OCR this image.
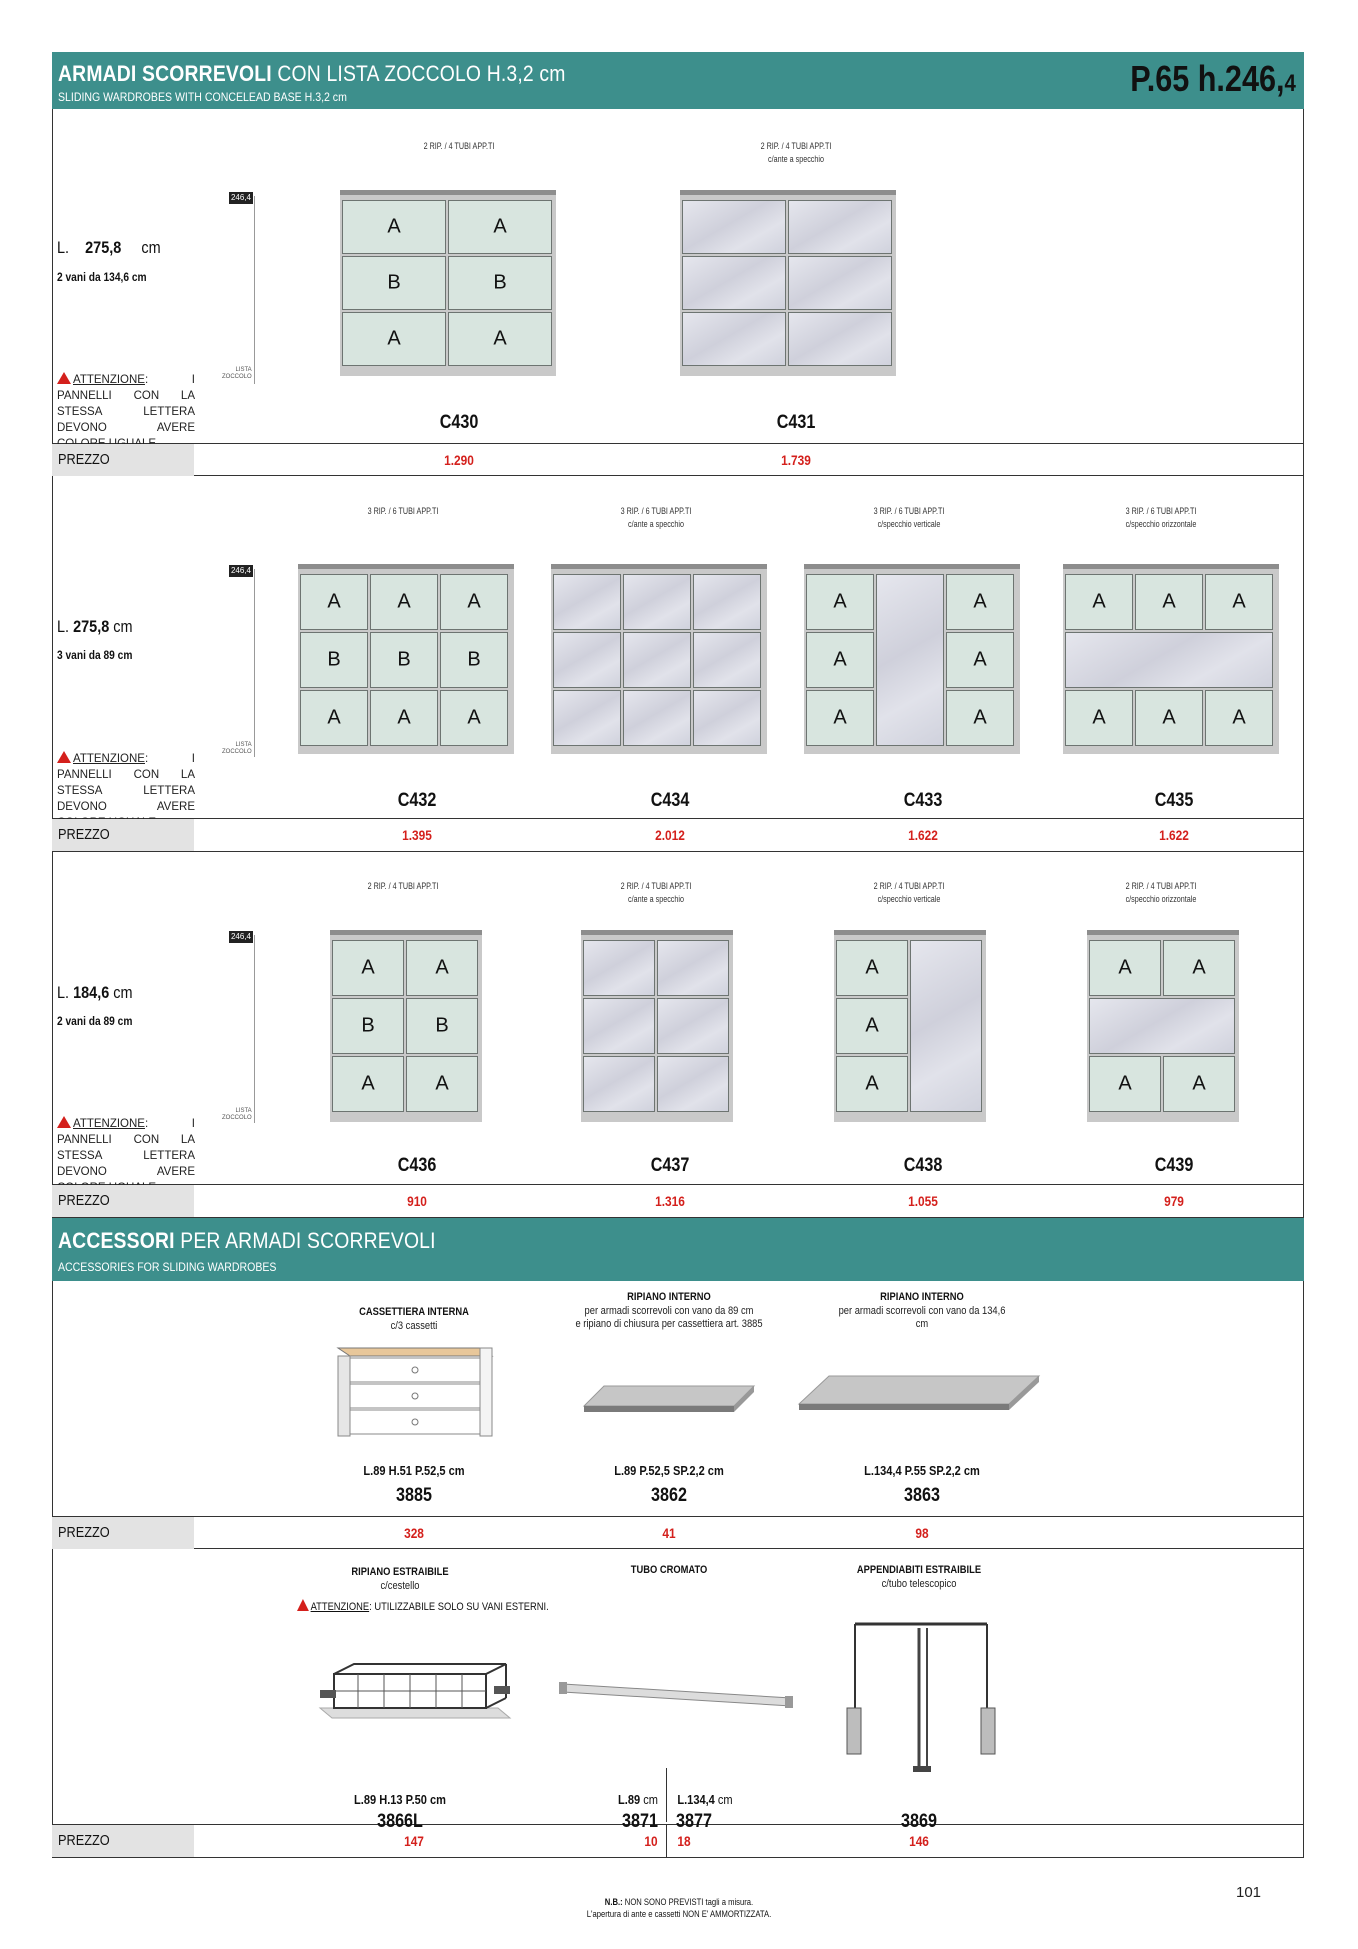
ARMADI SCORREVOLI CON LISTA ZOCCOLO H.3,2 cm
SLIDING WARDROBES WITH CONCELEAD BASE H.3,2 cm	P.65 h.246,4
L. 275,8 cm
2 vani da 134,6 cm
ATTENZIONE: I PANNELLI CON LA STESSA LETTERA DEVONO AVERE
246,4
LISTA
ZOCCOLO
2 RIP. / 4 TUBI APP.TI

A	A
B	B
A	A
C430
2 RIP. / 4 TUBI APP.TI
c/ante a specchio
C431
PREZZO	1.290	1.739
L. 275,8 cm
3 vani da 89 cm
ATTENZIONE: I PANNELLI CON LA STESSA LETTERA DEVONO AVERE
246,4
LISTA
ZOCCOLO
3 RIP. / 6 TUBI APP.TI

A	A	A
B	B	B
A	A	A
C432
3 RIP. / 6 TUBI APP.TI
c/ante a specchio
C434
3 RIP. / 6 TUBI APP.TI
c/specchio verticale
A	A
A	A
A	A
C433
3 RIP. / 6 TUBI APP.TI
c/specchio orizzontale
A	A	A
A	A	A
C435
PREZZO	1.395	2.012	1.622	1.622
L. 184,6 cm
2 vani da 89 cm
ATTENZIONE: I PANNELLI CON LA STESSA LETTERA DEVONO AVERE
246,4
LISTA
ZOCCOLO
2 RIP. / 4 TUBI APP.TI

A	A
B	B
A	A
C436
2 RIP. / 4 TUBI APP.TI
c/ante a specchio
C437
2 RIP. / 4 TUBI APP.TI
c/specchio verticale
A
A
A
C438
2 RIP. / 4 TUBI APP.TI
c/specchio orizzontale
A	A
A	A
C439
PREZZO	910	1.316	1.055	979
ACCESSORI PER ARMADI SCORREVOLI
ACCESSORIES FOR SLIDING WARDROBES
CASSETTIERA INTERNA
c/3 cassetti
L.89 H.51 P.52,5 cm
3885
RIPIANO INTERNO
per armadi scorrevoli con vano da 89 cm
e ripiano di chiusura per cassettiera art. 3885
L.89 P.52,5 SP.2,2 cm
3862
RIPIANO INTERNO
per armadi scorrevoli con vano da 134,6
cm
L.134,4 P.55 SP.2,2 cm
3863
PREZZO	328	41	98
RIPIANO ESTRAIBILE
c/cestello
ATTENZIONE: UTILIZZABILE SOLO SU VANI ESTERNI.
L.89 H.13 P.50 cm
3866L
TUBO CROMATO
L.89 cm L.134,4 cm
3871 3877
APPENDIABITI ESTRAIBILE
c/tubo telescopico
3869
PREZZO	147	10 18	146
N.B.: NON SONO PREVISTI tagli a misura.
L'apertura di ante e cassetti NON E' AMMORTIZZATA.
101
